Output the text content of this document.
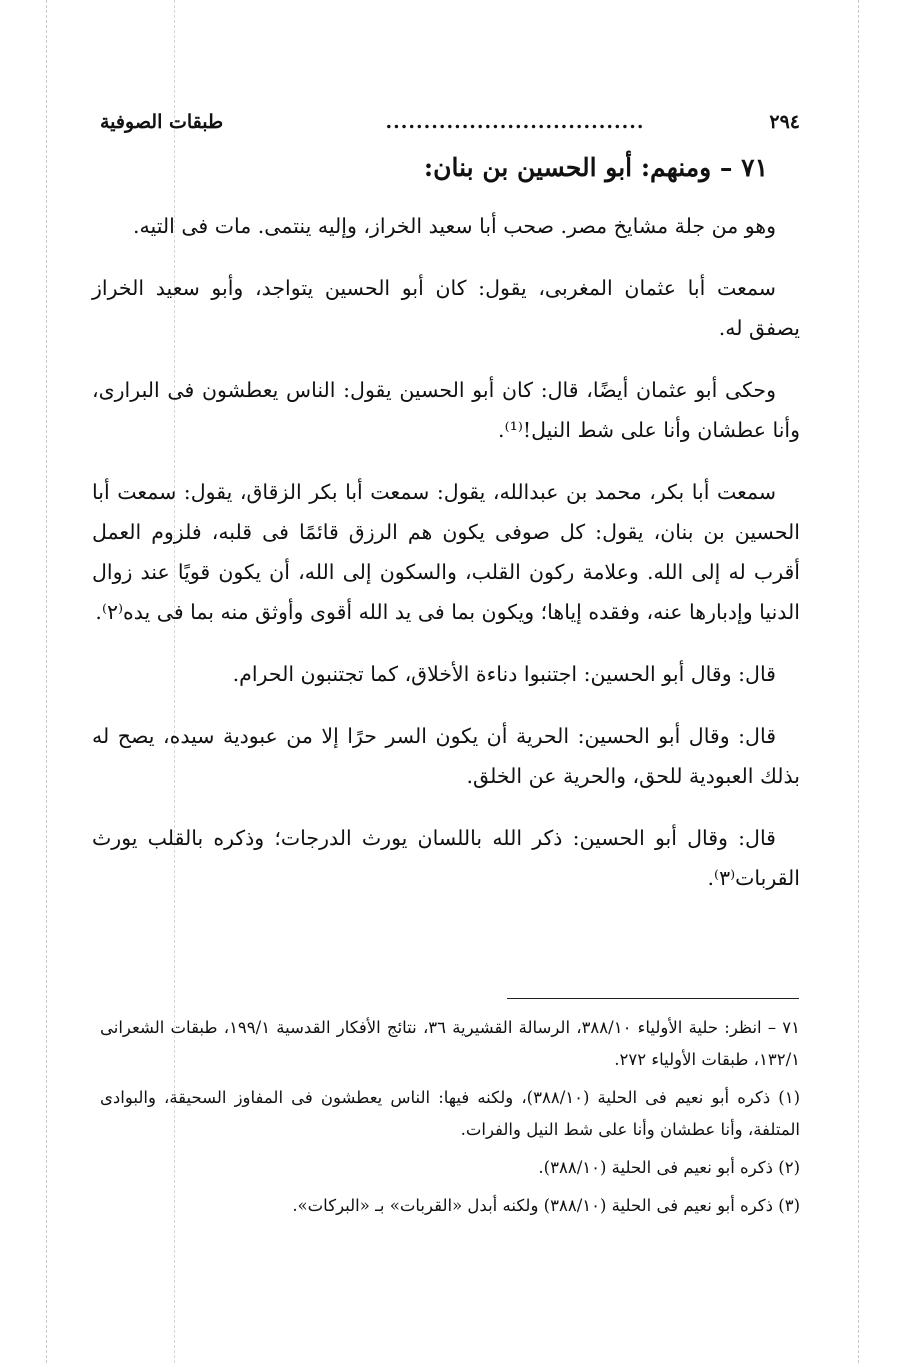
٢٩٤
..................................
طبقات الصوفية
٧١ – ومنهم: أبو الحسين بن بنان:

وهو من جلة مشايخ مصر. صحب أبا سعيد الخراز، وإليه ينتمى. مات فى التيه.

سمعت أبا عثمان المغربى، يقول: كان أبو الحسين يتواجد، وأبو سعيد الخراز يصفق له.

وحكى أبو عثمان أيضًا، قال: كان أبو الحسين يقول: الناس يعطشون فى البرارى، وأنا عطشان وأنا على شط النيل!⁽¹⁾.

سمعت أبا بكر، محمد بن عبدالله، يقول: سمعت أبا بكر الزقاق، يقول: سمعت أبا الحسين بن بنان، يقول: كل صوفى يكون هم الرزق قائمًا فى قلبه، فلزوم العمل أقرب له إلى الله. وعلامة ركون القلب، والسكون إلى الله، أن يكون قويًا عند زوال الدنيا وإدبارها عنه، وفقده إياها؛ ويكون بما فى يد الله أقوى وأوثق منه بما فى يده⁽٢⁾.

قال: وقال أبو الحسين: اجتنبوا دناءة الأخلاق، كما تجتنبون الحرام.

قال: وقال أبو الحسين: الحرية أن يكون السر حرًا إلا من عبودية سيده، يصح له بذلك العبودية للحق، والحرية عن الخلق.

قال: وقال أبو الحسين: ذكر الله باللسان يورث الدرجات؛ وذكره بالقلب يورث القربات⁽٣⁾.

٧١ – انظر: حلية الأولياء ٣٨٨/١٠، الرسالة القشيرية ٣٦، نتائج الأفكار القدسية ١٩٩/١، طبقات الشعرانى ١٣٢/١، طبقات الأولياء ٢٧٢.

(١) ذكره أبو نعيم فى الحلية (٣٨٨/١٠)، ولكنه فيها: الناس يعطشون فى المفاوز السحيقة، والبوادى المتلفة، وأنا عطشان وأنا على شط النيل والفرات.

(٢) ذكره أبو نعيم فى الحلية (٣٨٨/١٠).

(٣) ذكره أبو نعيم فى الحلية (٣٨٨/١٠) ولكنه أبدل «القربات» بـ «البركات».
